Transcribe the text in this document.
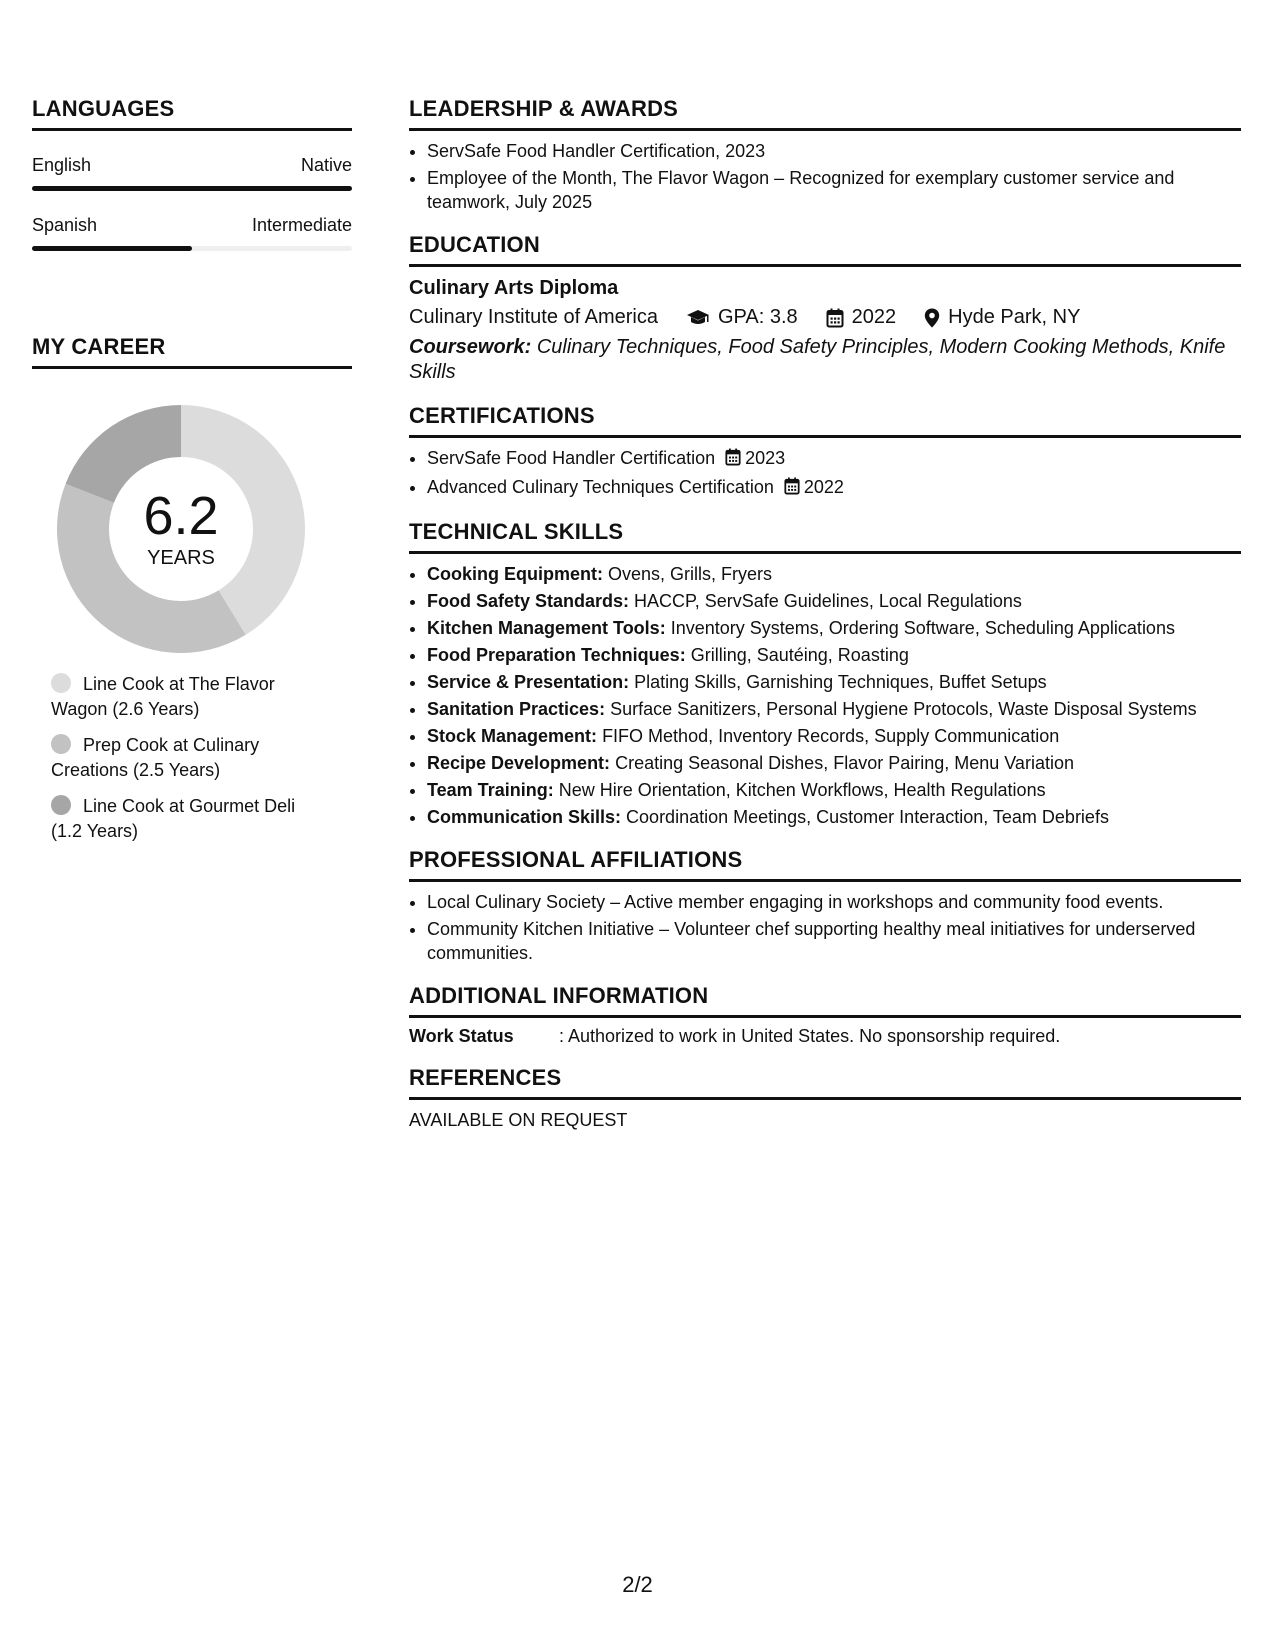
LANGUAGES
English	Native
Spanish	Intermediate
MY CAREER
6.2
YEARS
Line Cook at The Flavor Wagon (2.6 Years)
Prep Cook at Culinary Creations (2.5 Years)
Line Cook at Gourmet Deli (1.2 Years)
LEADERSHIP & AWARDS
• ServSafe Food Handler Certification, 2023
• Employee of the Month, The Flavor Wagon – Recognized for exemplary customer service and teamwork, July 2025
EDUCATION
Culinary Arts Diploma
Culinary Institute of America	GPA: 3.8	2022	Hyde Park, NY
Coursework: Culinary Techniques, Food Safety Principles, Modern Cooking Methods, Knife Skills
CERTIFICATIONS
• ServSafe Food Handler Certification 2023
• Advanced Culinary Techniques Certification 2022
TECHNICAL SKILLS
• Cooking Equipment: Ovens, Grills, Fryers
• Food Safety Standards: HACCP, ServSafe Guidelines, Local Regulations
• Kitchen Management Tools: Inventory Systems, Ordering Software, Scheduling Applications
• Food Preparation Techniques: Grilling, Sautéing, Roasting
• Service & Presentation: Plating Skills, Garnishing Techniques, Buffet Setups
• Sanitation Practices: Surface Sanitizers, Personal Hygiene Protocols, Waste Disposal Systems
• Stock Management: FIFO Method, Inventory Records, Supply Communication
• Recipe Development: Creating Seasonal Dishes, Flavor Pairing, Menu Variation
• Team Training: New Hire Orientation, Kitchen Workflows, Health Regulations
• Communication Skills: Coordination Meetings, Customer Interaction, Team Debriefs
PROFESSIONAL AFFILIATIONS
• Local Culinary Society – Active member engaging in workshops and community food events.
• Community Kitchen Initiative – Volunteer chef supporting healthy meal initiatives for underserved communities.
ADDITIONAL INFORMATION
Work Status	: Authorized to work in United States. No sponsorship required.
REFERENCES
AVAILABLE ON REQUEST
2/2
